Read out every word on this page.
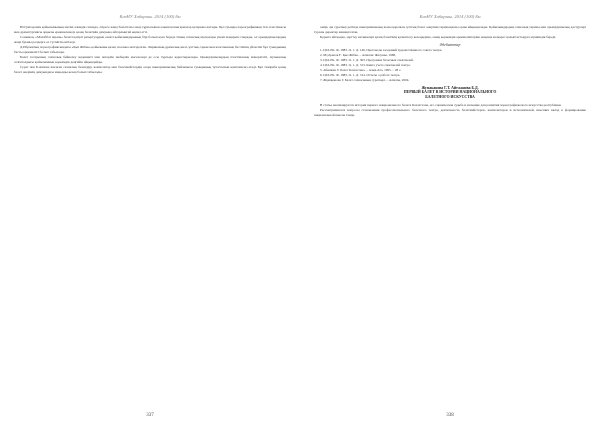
КазНУ Хабаршы. 2014 (100) 8м

Ю.Григорович қойылымының мәтіні әлемдік сахнада, әсіресе жаңа бағыттағы өнер тұрғысынан алынған шығармалар қатарына жатады. Бұл туынды хореографияның тілі, пластикасы мен драматургиясы арқылы ерекшеленеді, қазақ балетінің дамуына айтарлықтай ықпал етті.

Сонымен, «Махаббат аңызы» балеті қазіргі репертуардың өзекті қойылымдарының бірі болып қала береді. Оның сахналық нұсқалары үнемі жаңарып отырады, ал орындаушылардың жаңа буыны рөлдерге өз түсінігін енгізеді.

Д.Ибраевтың хореографиясындағы «Қыз Жібек» қойылымы қазақ эпосына негізделген. Лирикалық-драмалық желі, ұлттық сарын мен классикалық би тілінің үйлесімі бұл туындының басты ерекшелігі болып табылады.

Балет театрының сахналық бейнелеу мәдениеті мен актерлік шеберлік мәселелері де осы тұрғыда қарастырылады. Орындаушылардың пластикалық мәнерлілігі, музыкалық сезімталдығы қойылымның көркемдік деңгейін айқындайды.

Сурет пен Б.Аяпова жасаған сахналық безендіру, композитор мен балетмейстердің өзара шығармашылық байланысы туындының тұтастығын қамтамасыз етеді. Бұл тәжірибе қазақ балет өнерінің дамуындағы маңызды кезең болып табылады.

337
КазНУ Хабаршы. 2014 (100) 8м

өмірі, әрі суреткер ретінде шығармашылық жолы қаралып, ұлттық балет өнерінің тарихындағы орны айқындалады. Қойылымдардың сахналық тарихы мен орындаушылық дәстүрлері туралы деректер жинақталған.

Қорыта айтқанда, зерттеу нәтижелері қазақ балетінің қалыптасу кезеңдеріне, оның көркемдік ерекшеліктеріне жаңаша көзқарас қалыптастыруға мүмкіндік береді.

Әдебиеттер
1. ЦГА РК. Ф. 1883. О. 1. Д. 146. Протоколы заседаний художественного совета театра.
2. Мүсірепов Ғ. Қыз Жібек. – Алматы: Жазушы, 1968.
3. ЦГА РК. Ф. 1883. О. 1. Д. 303. Программа балетных спектаклей.
4. ЦГА РК. Ф. 1883. О. 1. Д. 313. Книга учета спектаклей театра.
5. Абишева У. Балет Казахстана. – Алма-Ата, 1995. – 28 с.
6. ЦГА РК. Ф. 1883. О. 1. Д. 314. Отчеты о работе театра.
7. Жұмақанова Г. Балет сахнасының суреткері. – Алматы, 2004.
Жумаканова Г.Т. Айтжанова Б.Д.
ПЕРВЫЙ БАЛЕТ В ИСТОРИИ НАЦИОНАЛЬНОГО
БАЛЕТНОГО ИСКУССТВА

В статье анализируется история первого национального балета Казахстана, его сценическая судьба и значение для развития хореографического искусства республики.

Рассматриваются вопросы становления профессионального балетного театра, деятельность балетмейстеров, композиторов и исполнителей, внесших вклад в формирование национальной школы танца.

338
